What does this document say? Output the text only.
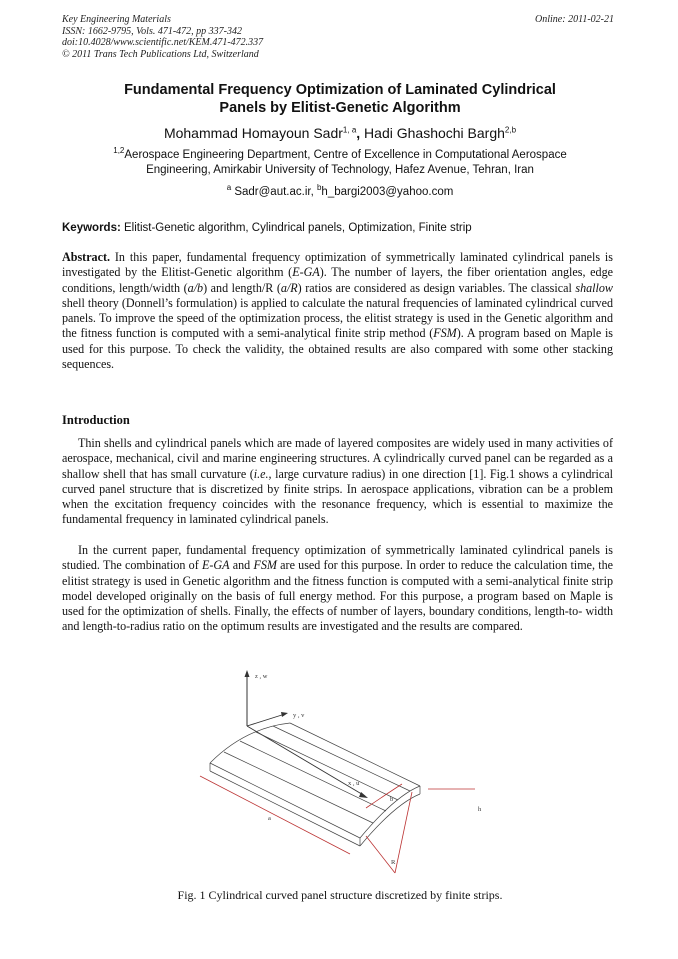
Key Engineering Materials
ISSN: 1662-9795, Vols. 471-472, pp 337-342
doi:10.4028/www.scientific.net/KEM.471-472.337
© 2011 Trans Tech Publications Ltd, Switzerland
Online: 2011-02-21
Fundamental Frequency Optimization of Laminated Cylindrical
Panels by Elitist-Genetic Algorithm
Mohammad Homayoun Sadr$^{1, a}$, Hadi Ghashochi Bargh$^{2,b}$
$^{1,2}$Aerospace Engineering Department, Centre of Excellence in Computational Aerospace
Engineering, Amirkabir University of Technology, Hafez Avenue, Tehran, Iran
$^a$ Sadr@aut.ac.ir, $^b$h_bargi2003@yahoo.com
Keywords: Elitist-Genetic algorithm, Cylindrical panels, Optimization, Finite strip
Abstract. In this paper, fundamental frequency optimization of symmetrically laminated cylindrical panels is investigated by the Elitist-Genetic algorithm (E-GA). The number of layers, the fiber orientation angles, edge conditions, length/width (a/b) and length/R (a/R) ratios are considered as design variables. The classical shallow shell theory (Donnell’s formulation) is applied to calculate the natural frequencies of laminated cylindrical curved panels. To improve the speed of the optimization process, the elitist strategy is used in the Genetic algorithm and the fitness function is computed with a semi-analytical finite strip method (FSM). A program based on Maple is used for this purpose. To check the validity, the obtained results are also compared with some other stacking sequences.
Introduction
Thin shells and cylindrical panels which are made of layered composites are widely used in many activities of aerospace, mechanical, civil and marine engineering structures. A cylindrically curved panel can be regarded as a shallow shell that has small curvature (i.e., large curvature radius) in one direction [1]. Fig.1 shows a cylindrical curved panel structure that is discretized by finite strips. In aerospace applications, vibration can be a problem when the excitation frequency coincides with the resonance frequency, which is essential to maximize the fundamental frequency in laminated cylindrical panels.
In the current paper, fundamental frequency optimization of symmetrically laminated cylindrical panels is studied. The combination of E-GA and FSM are used for this purpose. In order to reduce the calculation time, the elitist strategy is used in Genetic algorithm and the fitness function is computed with a semi-analytical finite strip model developed originally on the basis of full energy method. For this purpose, a program based on Maple is used for the optimization of shells. Finally, the effects of number of layers, boundary conditions, length-to- width and length-to-radius ratio on the optimum results are investigated and the results are compared.
z , w
y , v
x , u
a
b
h
R
Fig. 1 Cylindrical curved panel structure discretized by finite strips.
